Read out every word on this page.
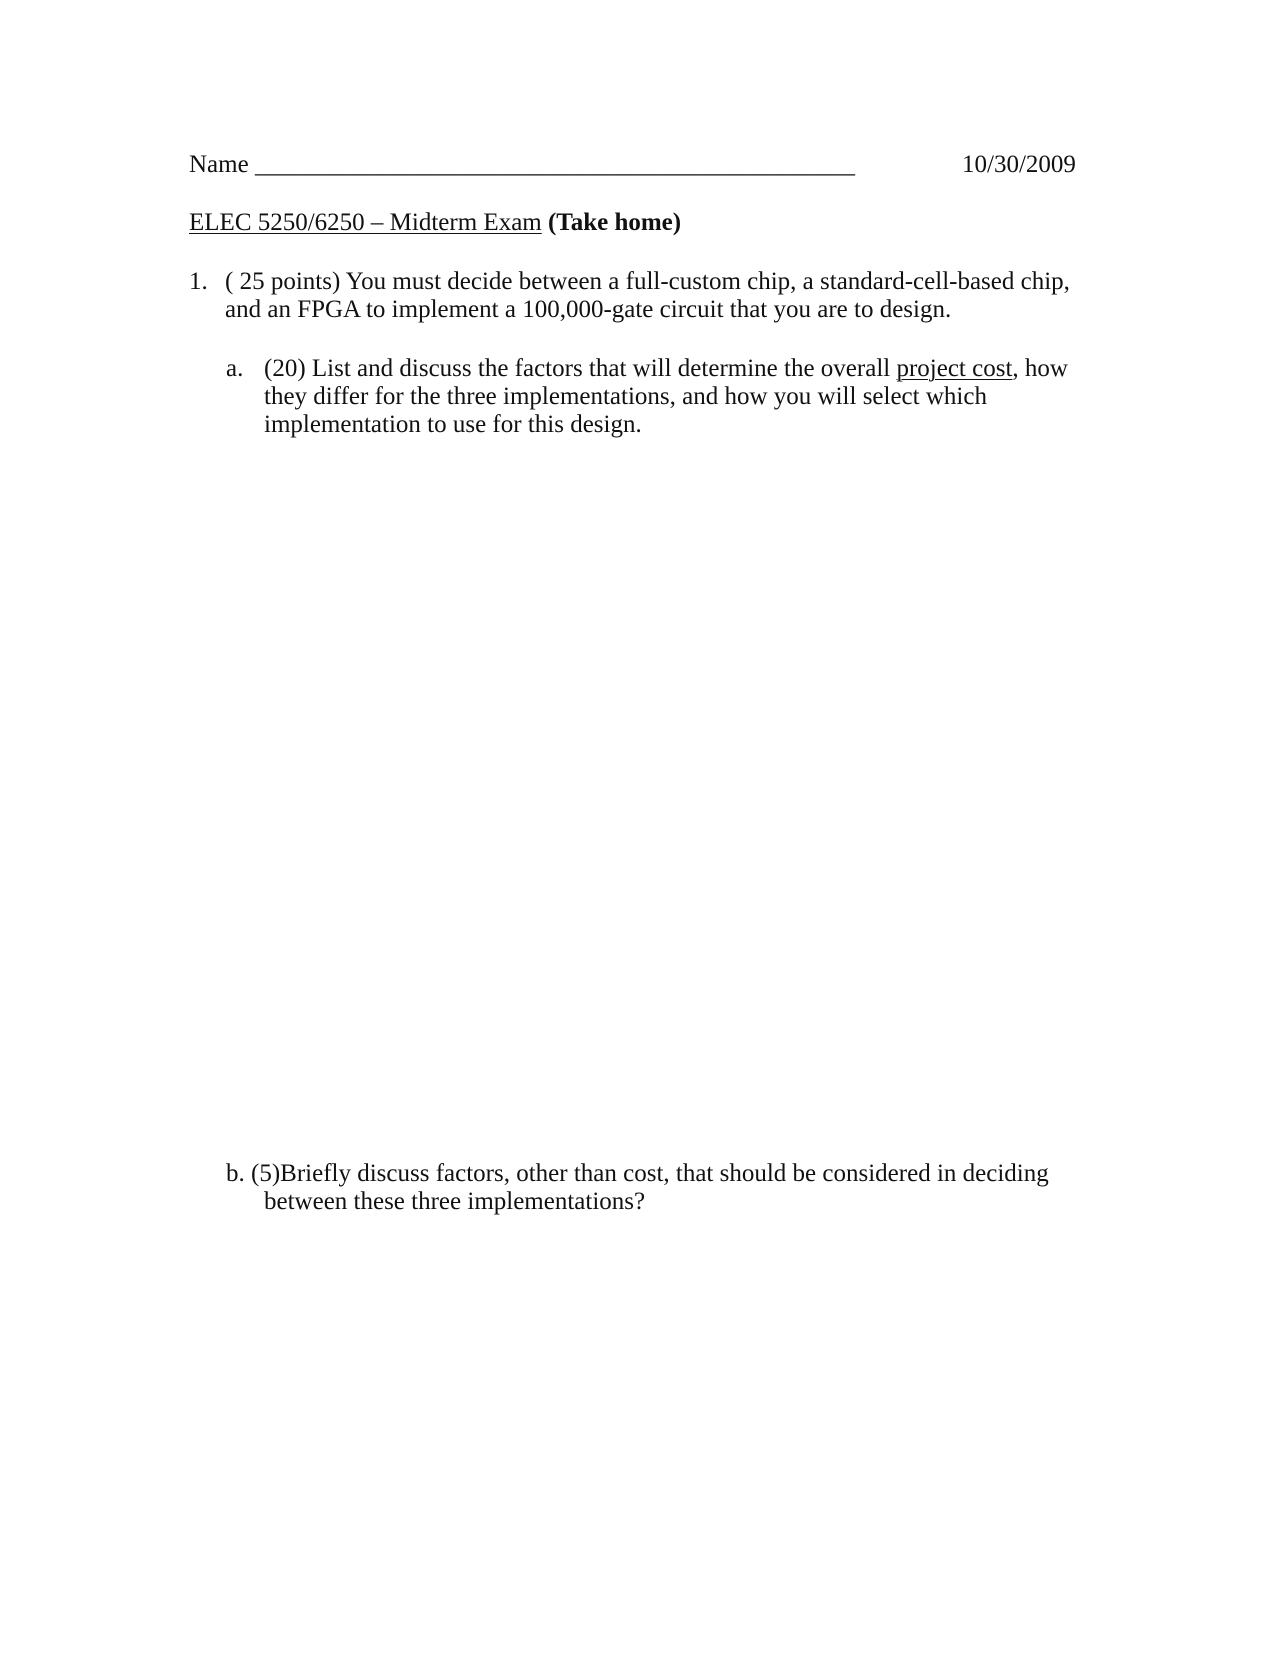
Name ________________________________________________	10/30/2009
ELEC 5250/6250 – Midterm Exam (Take home)
1. ( 25 points) You must decide between a full-custom chip, a standard-cell-based chip,
and an FPGA to implement a 100,000-gate circuit that you are to design.
a. (20) List and discuss the factors that will determine the overall project cost, how
they differ for the three implementations, and how you will select which
implementation to use for this design.
b. (5)Briefly discuss factors, other than cost, that should be considered in deciding
between these three implementations?
